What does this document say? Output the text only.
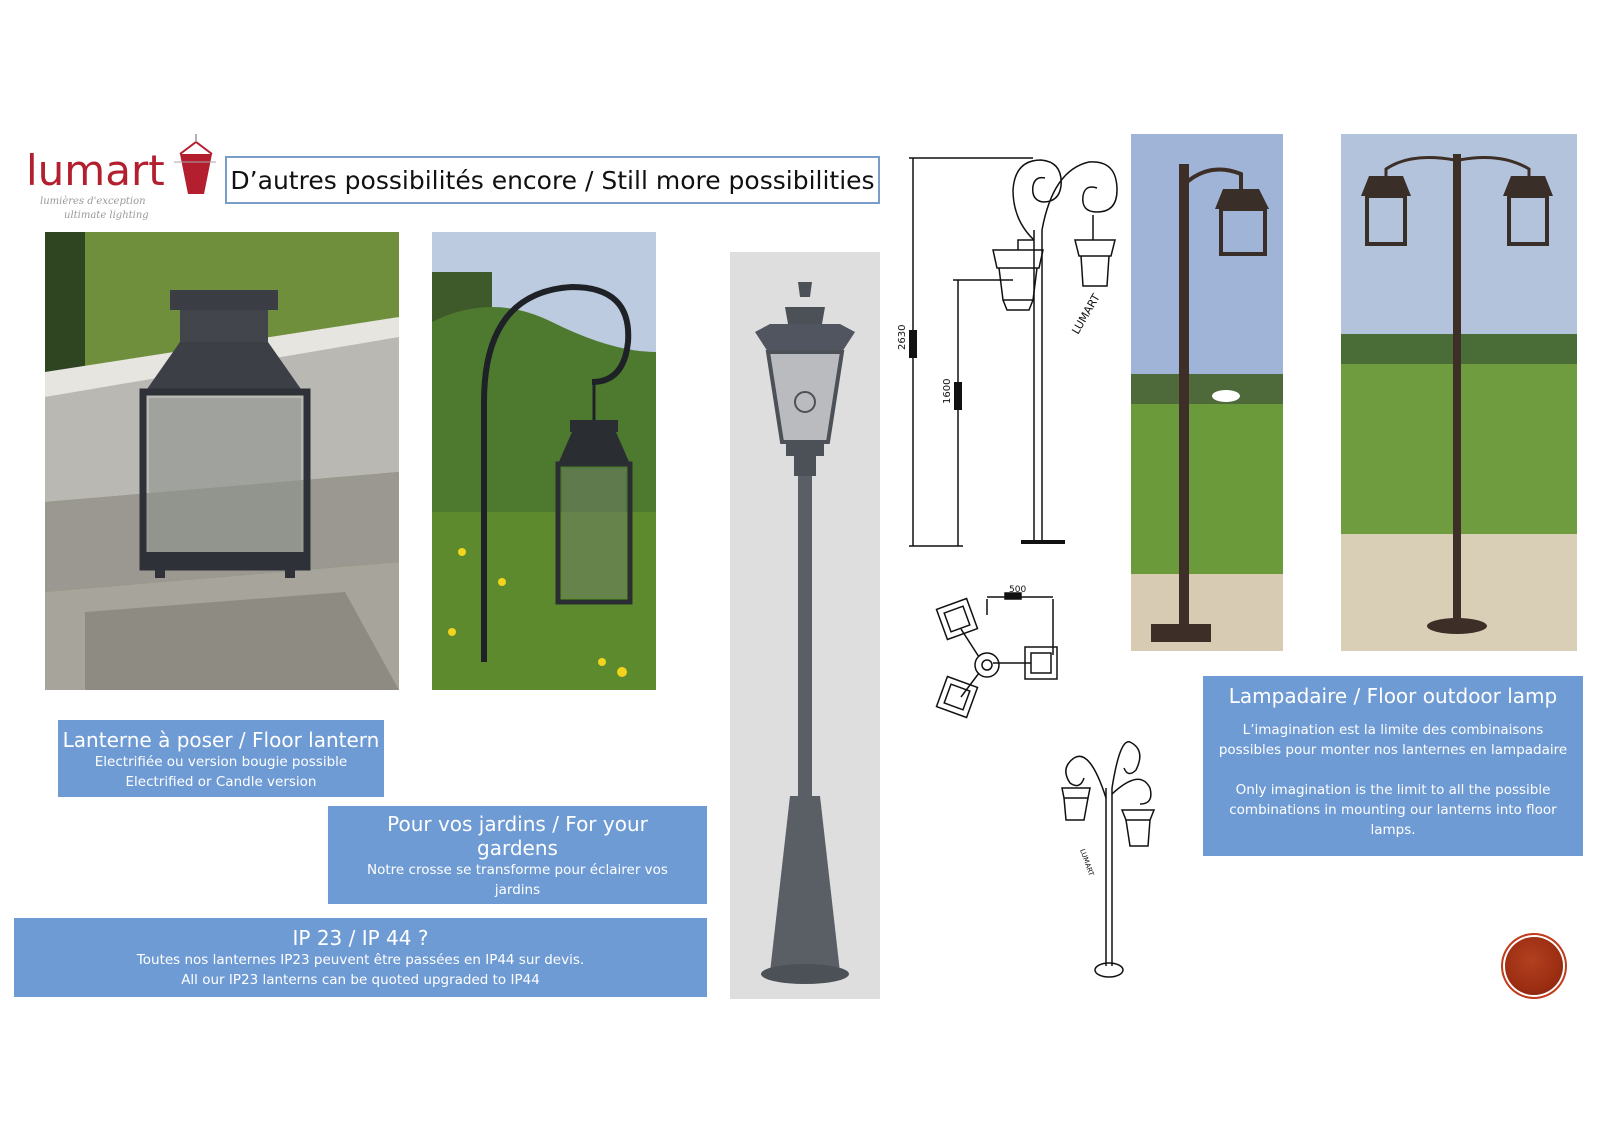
lumart
lumières d'exception
ultimate lighting
D’autres possibilités encore / Still more possibilities
2630
1600
LUMART
500
LUMART
Lanterne à poser / Floor lantern
Electrifiée ou version bougie possible
Electrified or Candle version
Pour vos jardins / For your gardens
Notre crosse se transforme pour éclairer vos jardins
Our cross can become a Shepherd’s hook for a
IP 23 / IP 44 ?
Toutes nos lanternes IP23 peuvent être passées en IP44 sur devis.
All our IP23 lanterns can be quoted upgraded to IP44
Lampadaire / Floor outdoor lamp
L’imagination est la limite des combinaisons possibles pour monter nos lanternes en lampadaire
Only imagination is the limit to all the possible combinations in mounting our lanterns into floor lamps.
